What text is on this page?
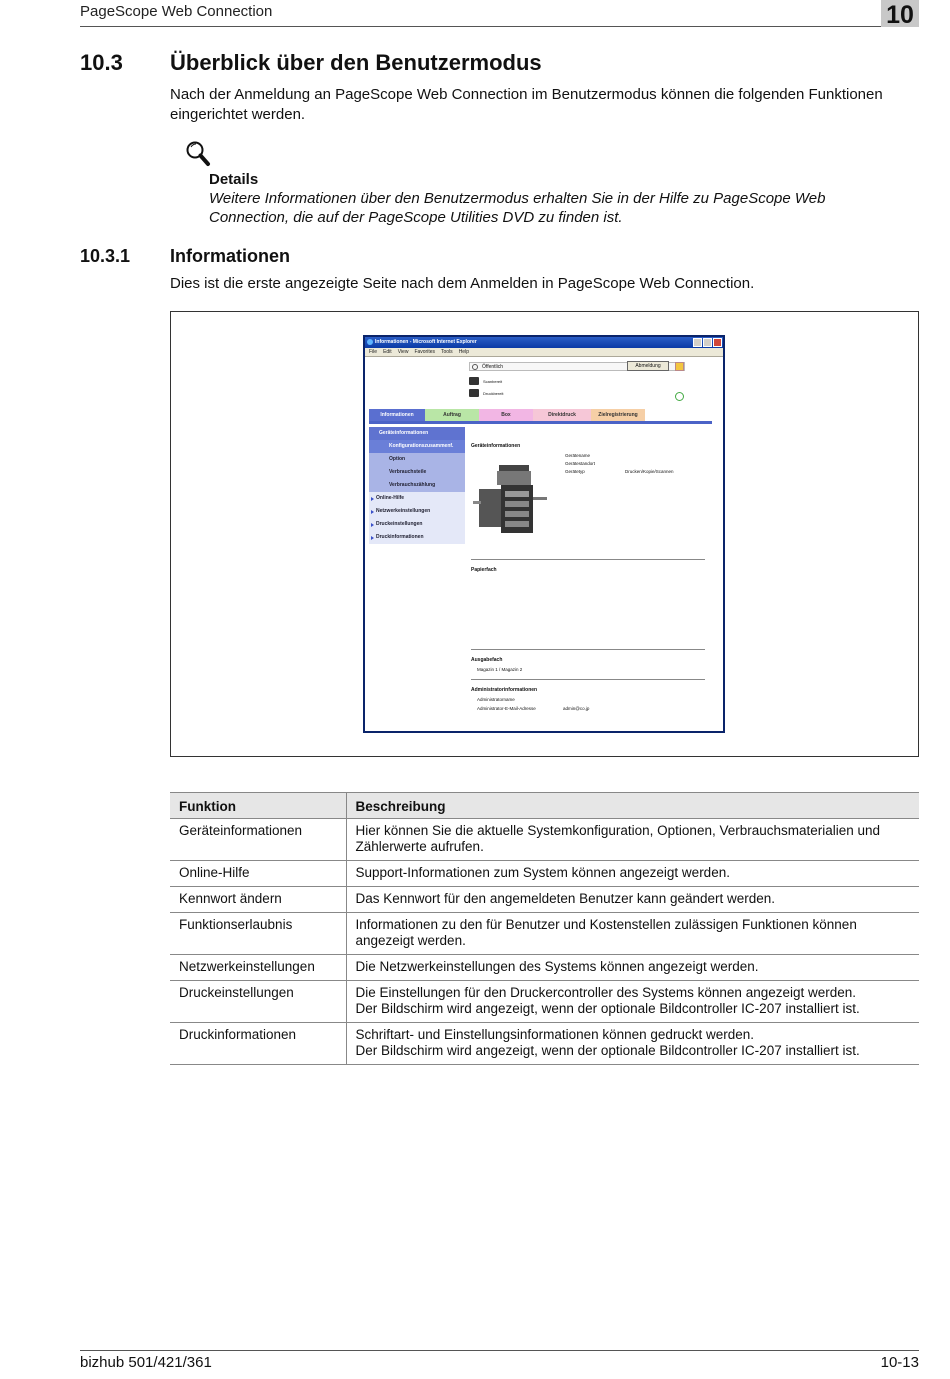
PageScope Web Connection	10
10.3	Überblick über den Benutzermodus

Nach der Anmeldung an PageScope Web Connection im Benutzermodus können die folgenden Funktionen eingerichtet werden.

Details
Weitere Informationen über den Benutzermodus erhalten Sie in der Hilfe zu PageScope Web Connection, die auf der PageScope Utilities DVD zu finden ist.
10.3.1 Informationen

Dies ist die erste angezeigte Seite nach dem Anmelden in PageScope Web Connection.

Informationen - Microsoft Internet Explorer
File Edit View Favorites Tools Help
Öffentlich	Abmeldung
Scanbereit
Druckbereit
Informationen	Auftrag	Box	Direktdruck	Zielregistrierung
Geräteinformationen
Konfigurationszusammenf.
Option
Verbrauchsteile
Verbrauchszählung
Online-Hilfe
Netzwerkeinstellungen
Druckeinstellungen
Druckinformationen
Geräteinformationen
Gerätename
Gerätestandort
Gerätetyp	Drucken/Kopie/Scannen
Papierfach
Ausgabefach
Magazin 1 / Magazin 2
Administratorinformationen
Administratorname
Administrator-E-Mail-Adresse	admin@co.jp
Funktion	Beschreibung
Geräteinformationen	Hier können Sie die aktuelle Systemkonfiguration, Optionen, Verbrauchsmaterialien und Zählerwerte aufrufen.

Online-Hilfe	Support-Informationen zum System können angezeigt werden.

Kennwort ändern	Das Kennwort für den angemeldeten Benutzer kann geändert werden.

Funktionserlaubnis	Informationen zu den für Benutzer und Kostenstellen zulässigen Funktionen können angezeigt werden.

Netzwerkeinstellungen	Die Netzwerkeinstellungen des Systems können angezeigt werden.

Druckeinstellungen	Die Einstellungen für den Druckercontroller des Systems können angezeigt werden.
Der Bildschirm wird angezeigt, wenn der optionale Bildcontroller IC-207 installiert ist.

Druckinformationen	Schriftart- und Einstellungsinformationen können gedruckt werden.
Der Bildschirm wird angezeigt, wenn der optionale Bildcontroller IC-207 installiert ist.
bizhub 501/421/361	10-13
